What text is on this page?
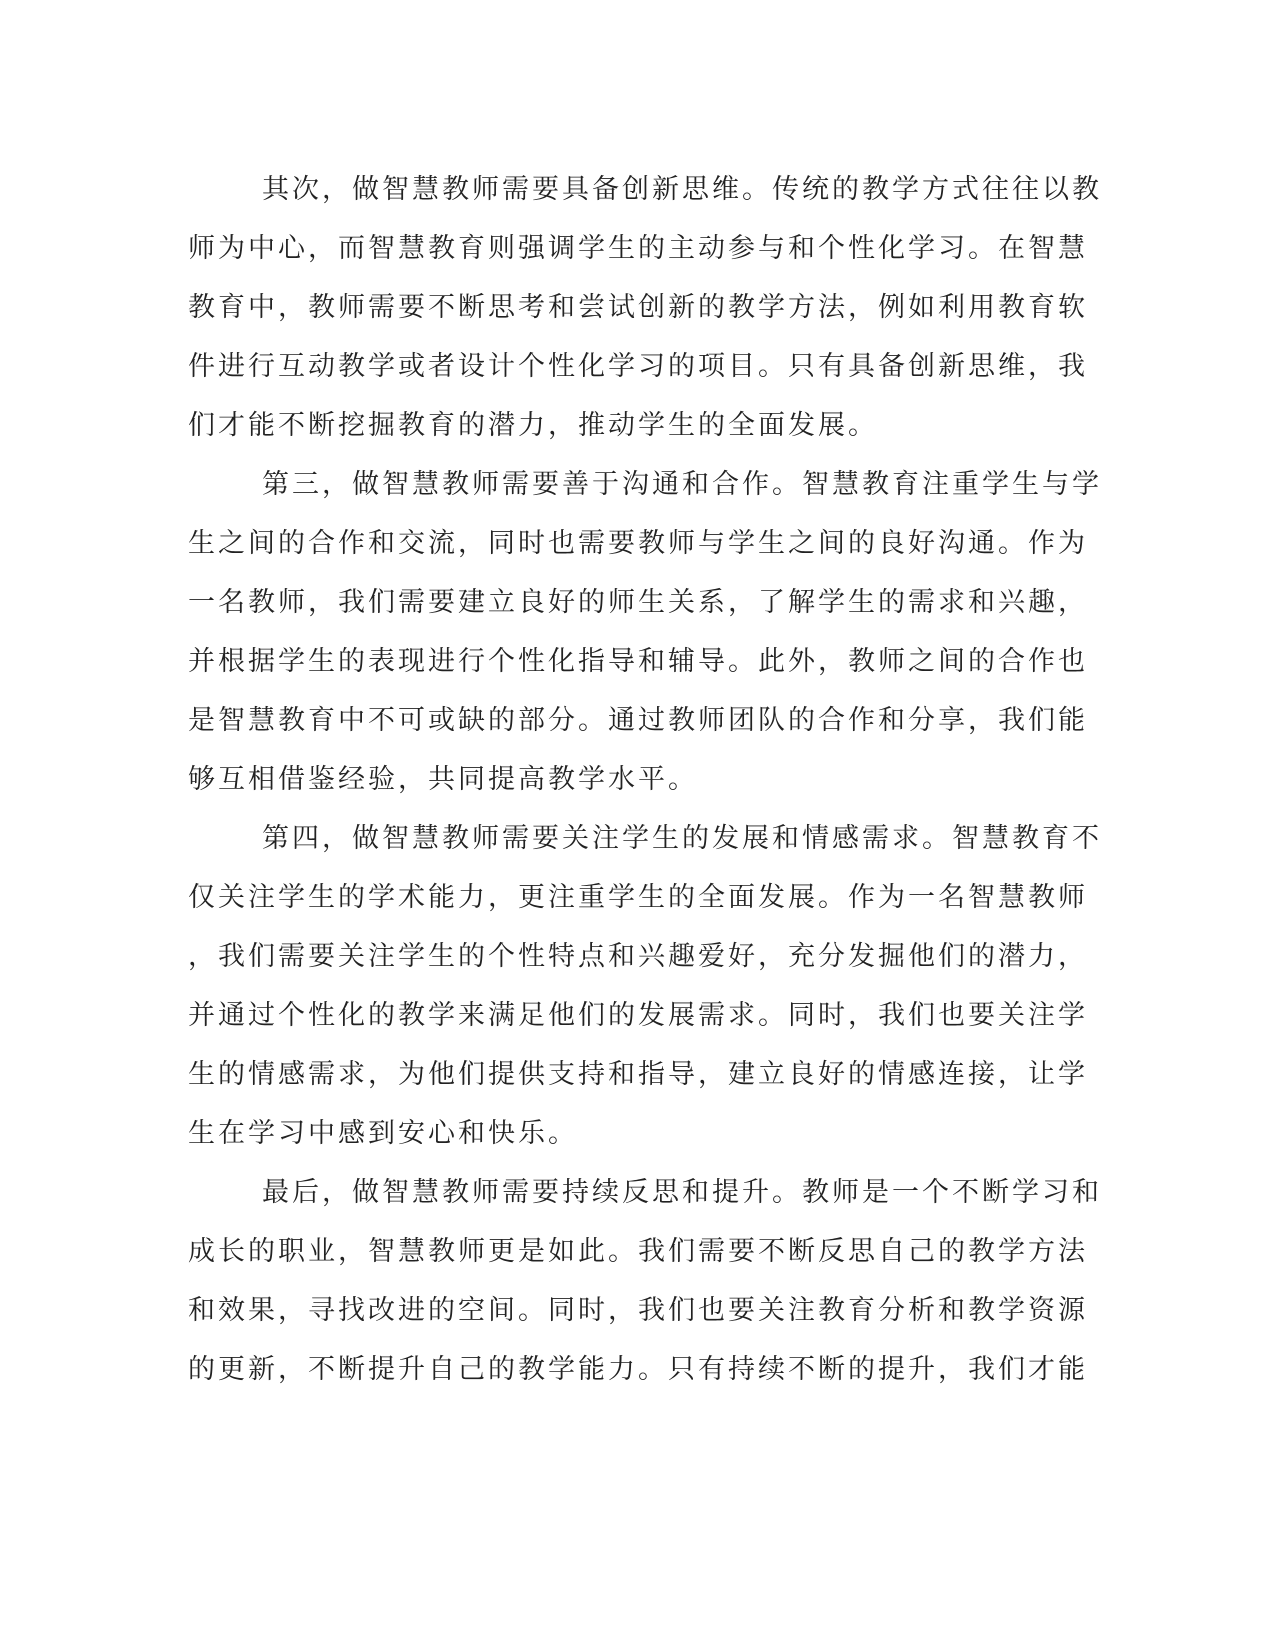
其次，做智慧教师需要具备创新思维。传统的教学方式往往以教
师为中心，而智慧教育则强调学生的主动参与和个性化学习。在智慧
教育中，教师需要不断思考和尝试创新的教学方法，例如利用教育软
件进行互动教学或者设计个性化学习的项目。只有具备创新思维，我
们才能不断挖掘教育的潜力，推动学生的全面发展。
第三，做智慧教师需要善于沟通和合作。智慧教育注重学生与学
生之间的合作和交流，同时也需要教师与学生之间的良好沟通。作为
一名教师，我们需要建立良好的师生关系，了解学生的需求和兴趣，
并根据学生的表现进行个性化指导和辅导。此外，教师之间的合作也
是智慧教育中不可或缺的部分。通过教师团队的合作和分享，我们能
够互相借鉴经验，共同提高教学水平。
第四，做智慧教师需要关注学生的发展和情感需求。智慧教育不
仅关注学生的学术能力，更注重学生的全面发展。作为一名智慧教师
，我们需要关注学生的个性特点和兴趣爱好，充分发掘他们的潜力，
并通过个性化的教学来满足他们的发展需求。同时，我们也要关注学
生的情感需求，为他们提供支持和指导，建立良好的情感连接，让学
生在学习中感到安心和快乐。
最后，做智慧教师需要持续反思和提升。教师是一个不断学习和
成长的职业，智慧教师更是如此。我们需要不断反思自己的教学方法
和效果，寻找改进的空间。同时，我们也要关注教育分析和教学资源
的更新，不断提升自己的教学能力。只有持续不断的提升，我们才能
